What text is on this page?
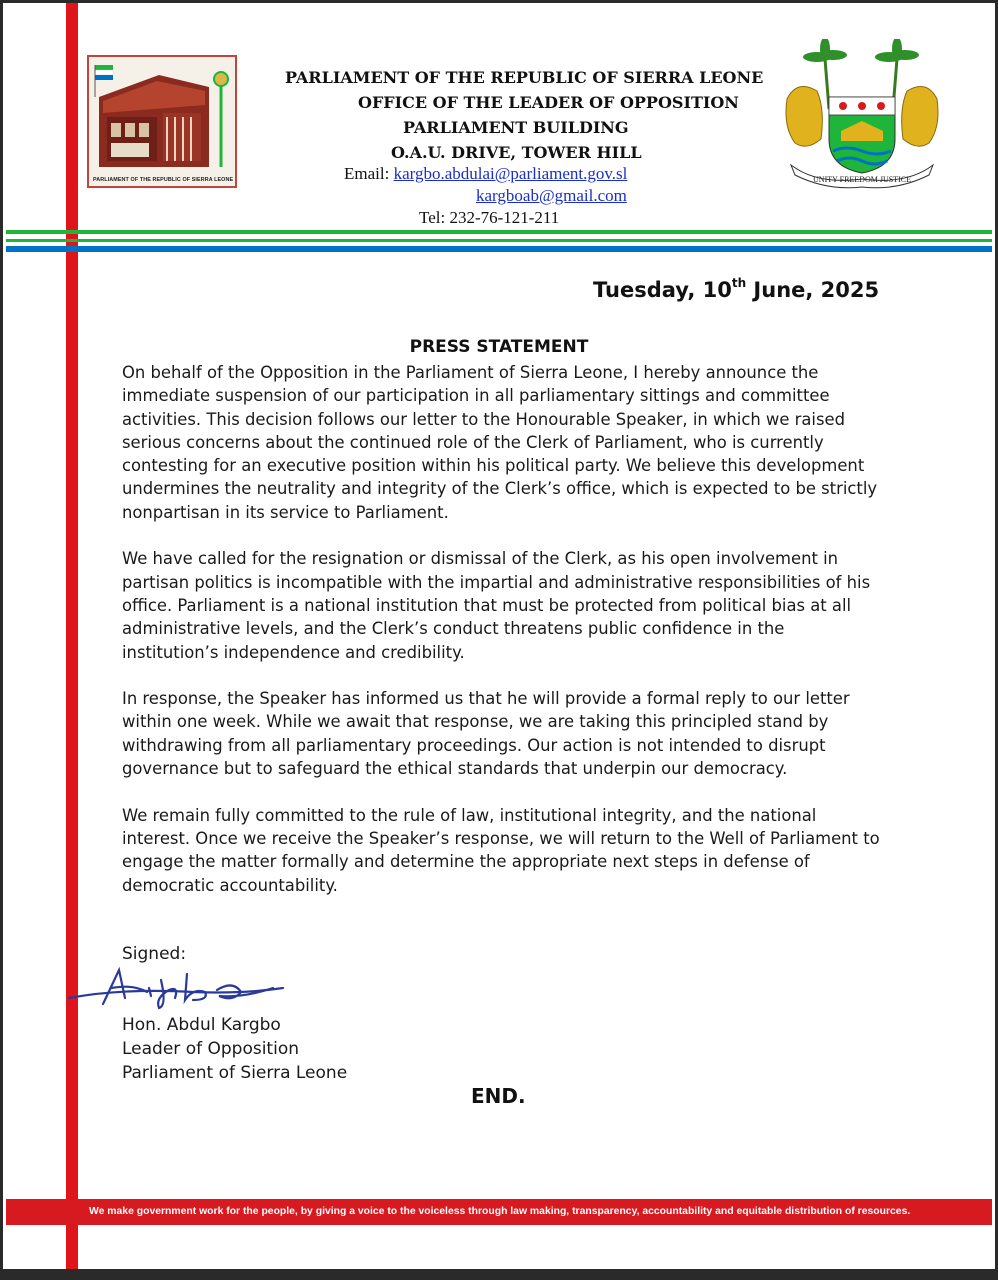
PARLIAMENT OF THE REPUBLIC OF SIERRA LEONE
PARLIAMENT OF THE REPUBLIC OF SIERRA LEONE
OFFICE OF THE LEADER OF OPPOSITION
PARLIAMENT BUILDING
O.A.U. DRIVE, TOWER HILL
Email: kargbo.abdulai@parliament.gov.sl
kargboab@gmail.com
Tel: 232-76-121-211
UNITY FREEDOM JUSTICE
Tuesday, 10th June, 2025
PRESS STATEMENT

On behalf of the Opposition in the Parliament of Sierra Leone, I hereby announce the immediate suspension of our participation in all parliamentary sittings and committee activities. This decision follows our letter to the Honourable Speaker, in which we raised serious concerns about the continued role of the Clerk of Parliament, who is currently contesting for an executive position within his political party. We believe this development undermines the neutrality and integrity of the Clerk’s office, which is expected to be strictly nonpartisan in its service to Parliament.

We have called for the resignation or dismissal of the Clerk, as his open involvement in partisan politics is incompatible with the impartial and administrative responsibilities of his office. Parliament is a national institution that must be protected from political bias at all administrative levels, and the Clerk’s conduct threatens public confidence in the institution’s independence and credibility.

In response, the Speaker has informed us that he will provide a formal reply to our letter within one week. While we await that response, we are taking this principled stand by withdrawing from all parliamentary proceedings. Our action is not intended to disrupt governance but to safeguard the ethical standards that underpin our democracy.

We remain fully committed to the rule of law, institutional integrity, and the national interest. Once we receive the Speaker’s response, we will return to the Well of Parliament to engage the matter formally and determine the appropriate next steps in defense of democratic accountability.

Signed:
Hon. Abdul Kargbo
Leader of Opposition
Parliament of Sierra Leone
END.
We make government work for the people, by giving a voice to the voiceless through law making, transparency, accountability and equitable distribution of resources.
